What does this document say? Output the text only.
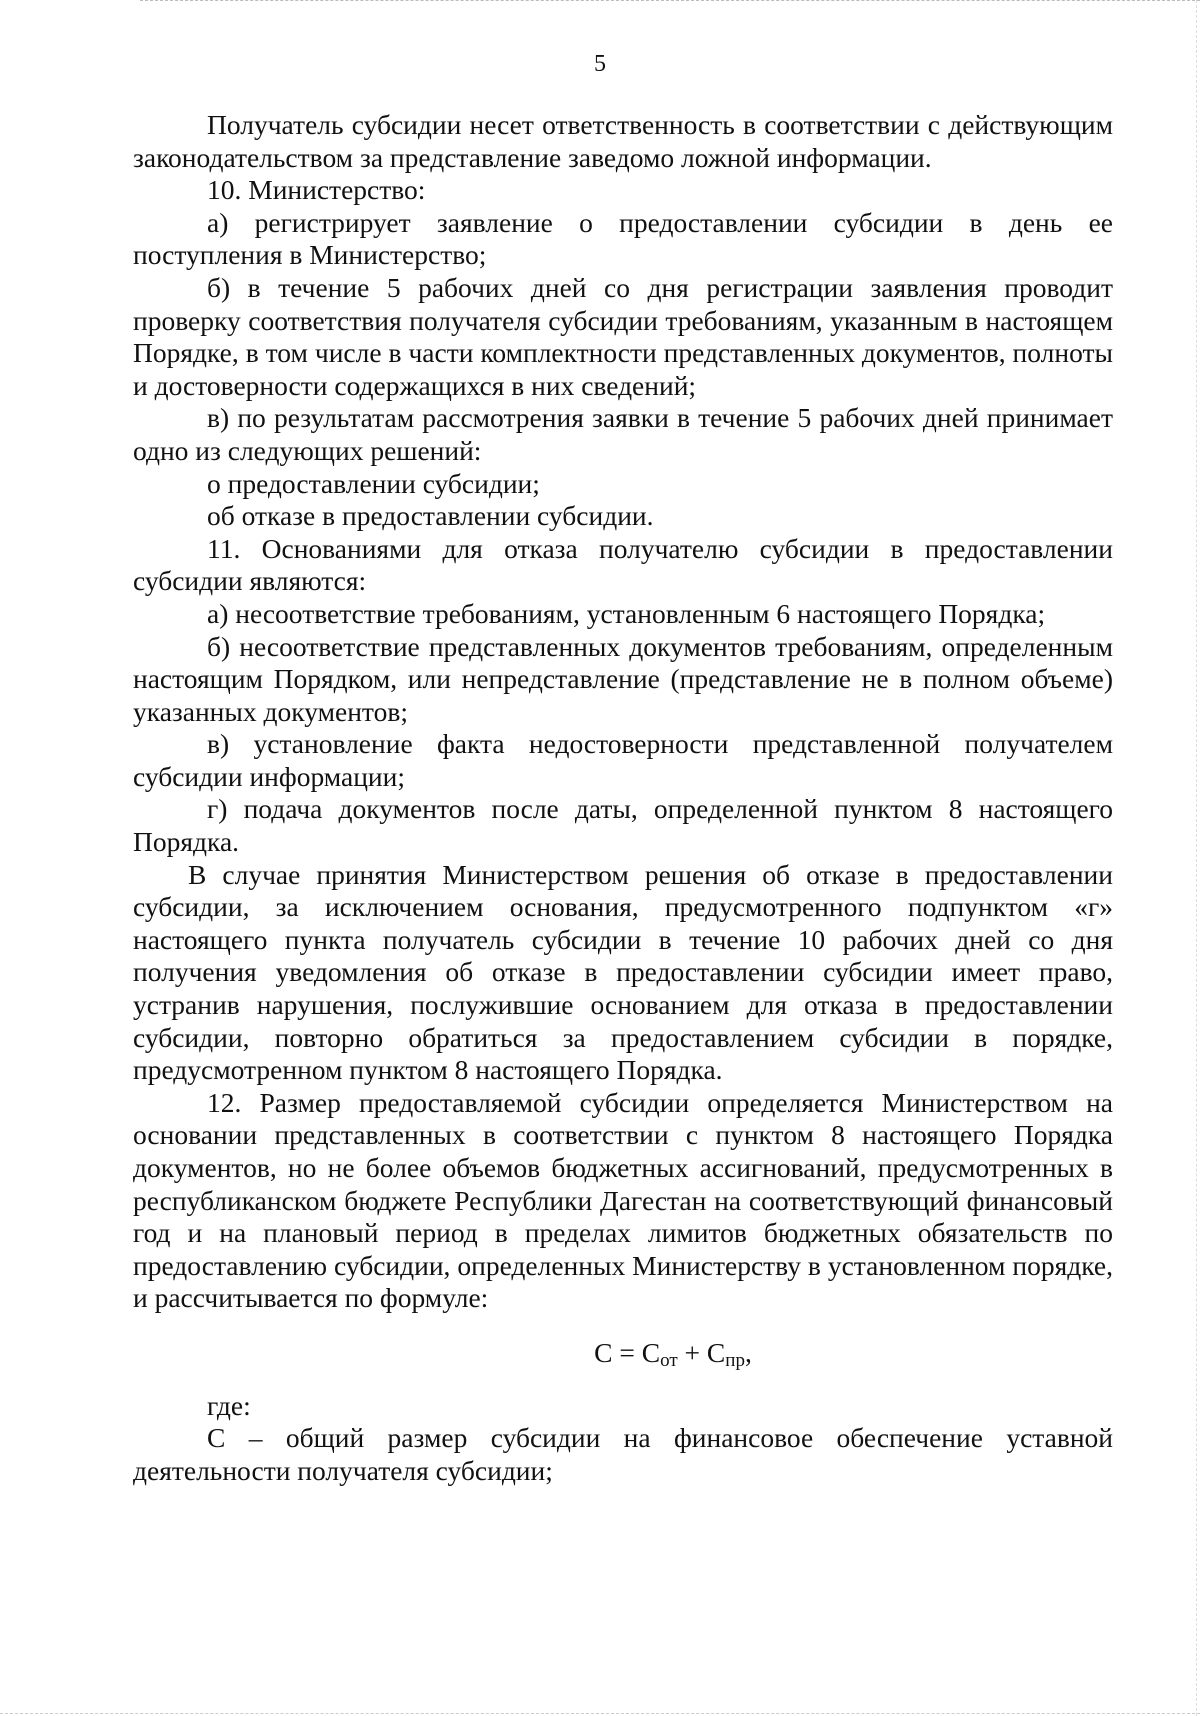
5

Получатель субсидии несет ответственность в соответствии с действующим законодательством за представление заведомо ложной информации.

10. Министерство:

а) регистрирует заявление о предоставлении субсидии в день ее поступления в Министерство;

б) в течение 5 рабочих дней со дня регистрации заявления проводит проверку соответствия получателя субсидии требованиям, указанным в настоящем Порядке, в том числе в части комплектности представленных документов, полноты и достоверности содержащихся в них сведений;

в) по результатам рассмотрения заявки в течение 5 рабочих дней принимает одно из следующих решений:

о предоставлении субсидии;

об отказе в предоставлении субсидии.

11. Основаниями для отказа получателю субсидии в предоставлении субсидии являются:

а) несоответствие требованиям, установленным 6 настоящего Порядка;

б) несоответствие представленных документов требованиям, определенным настоящим Порядком, или непредставление (представление не в полном объеме) указанных документов;

в) установление факта недостоверности представленной получателем субсидии информации;

г) подача документов после даты, определенной пунктом 8 настоящего Порядка.

В случае принятия Министерством решения об отказе в предоставлении субсидии, за исключением основания, предусмотренного подпунктом «г» настоящего пункта получатель субсидии в течение 10 рабочих дней со дня получения уведомления об отказе в предоставлении субсидии имеет право, устранив нарушения, послужившие основанием для отказа в предоставлении субсидии, повторно обратиться за предоставлением субсидии в порядке, предусмотренном пунктом 8 настоящего Порядка.

12. Размер предоставляемой субсидии определяется Министерством на основании представленных в соответствии с пунктом 8 настоящего Порядка документов, но не более объемов бюджетных ассигнований, предусмотренных в республиканском бюджете Республики Дагестан на соответствующий финансовый год и на плановый период в пределах лимитов бюджетных обязательств по предоставлению субсидии, определенных Министерству в установленном порядке, и рассчитывается по формуле:

$С = С_{от} + С_{пр}$,

где:

С – общий размер субсидии на финансовое обеспечение уставной деятельности получателя субсидии;
